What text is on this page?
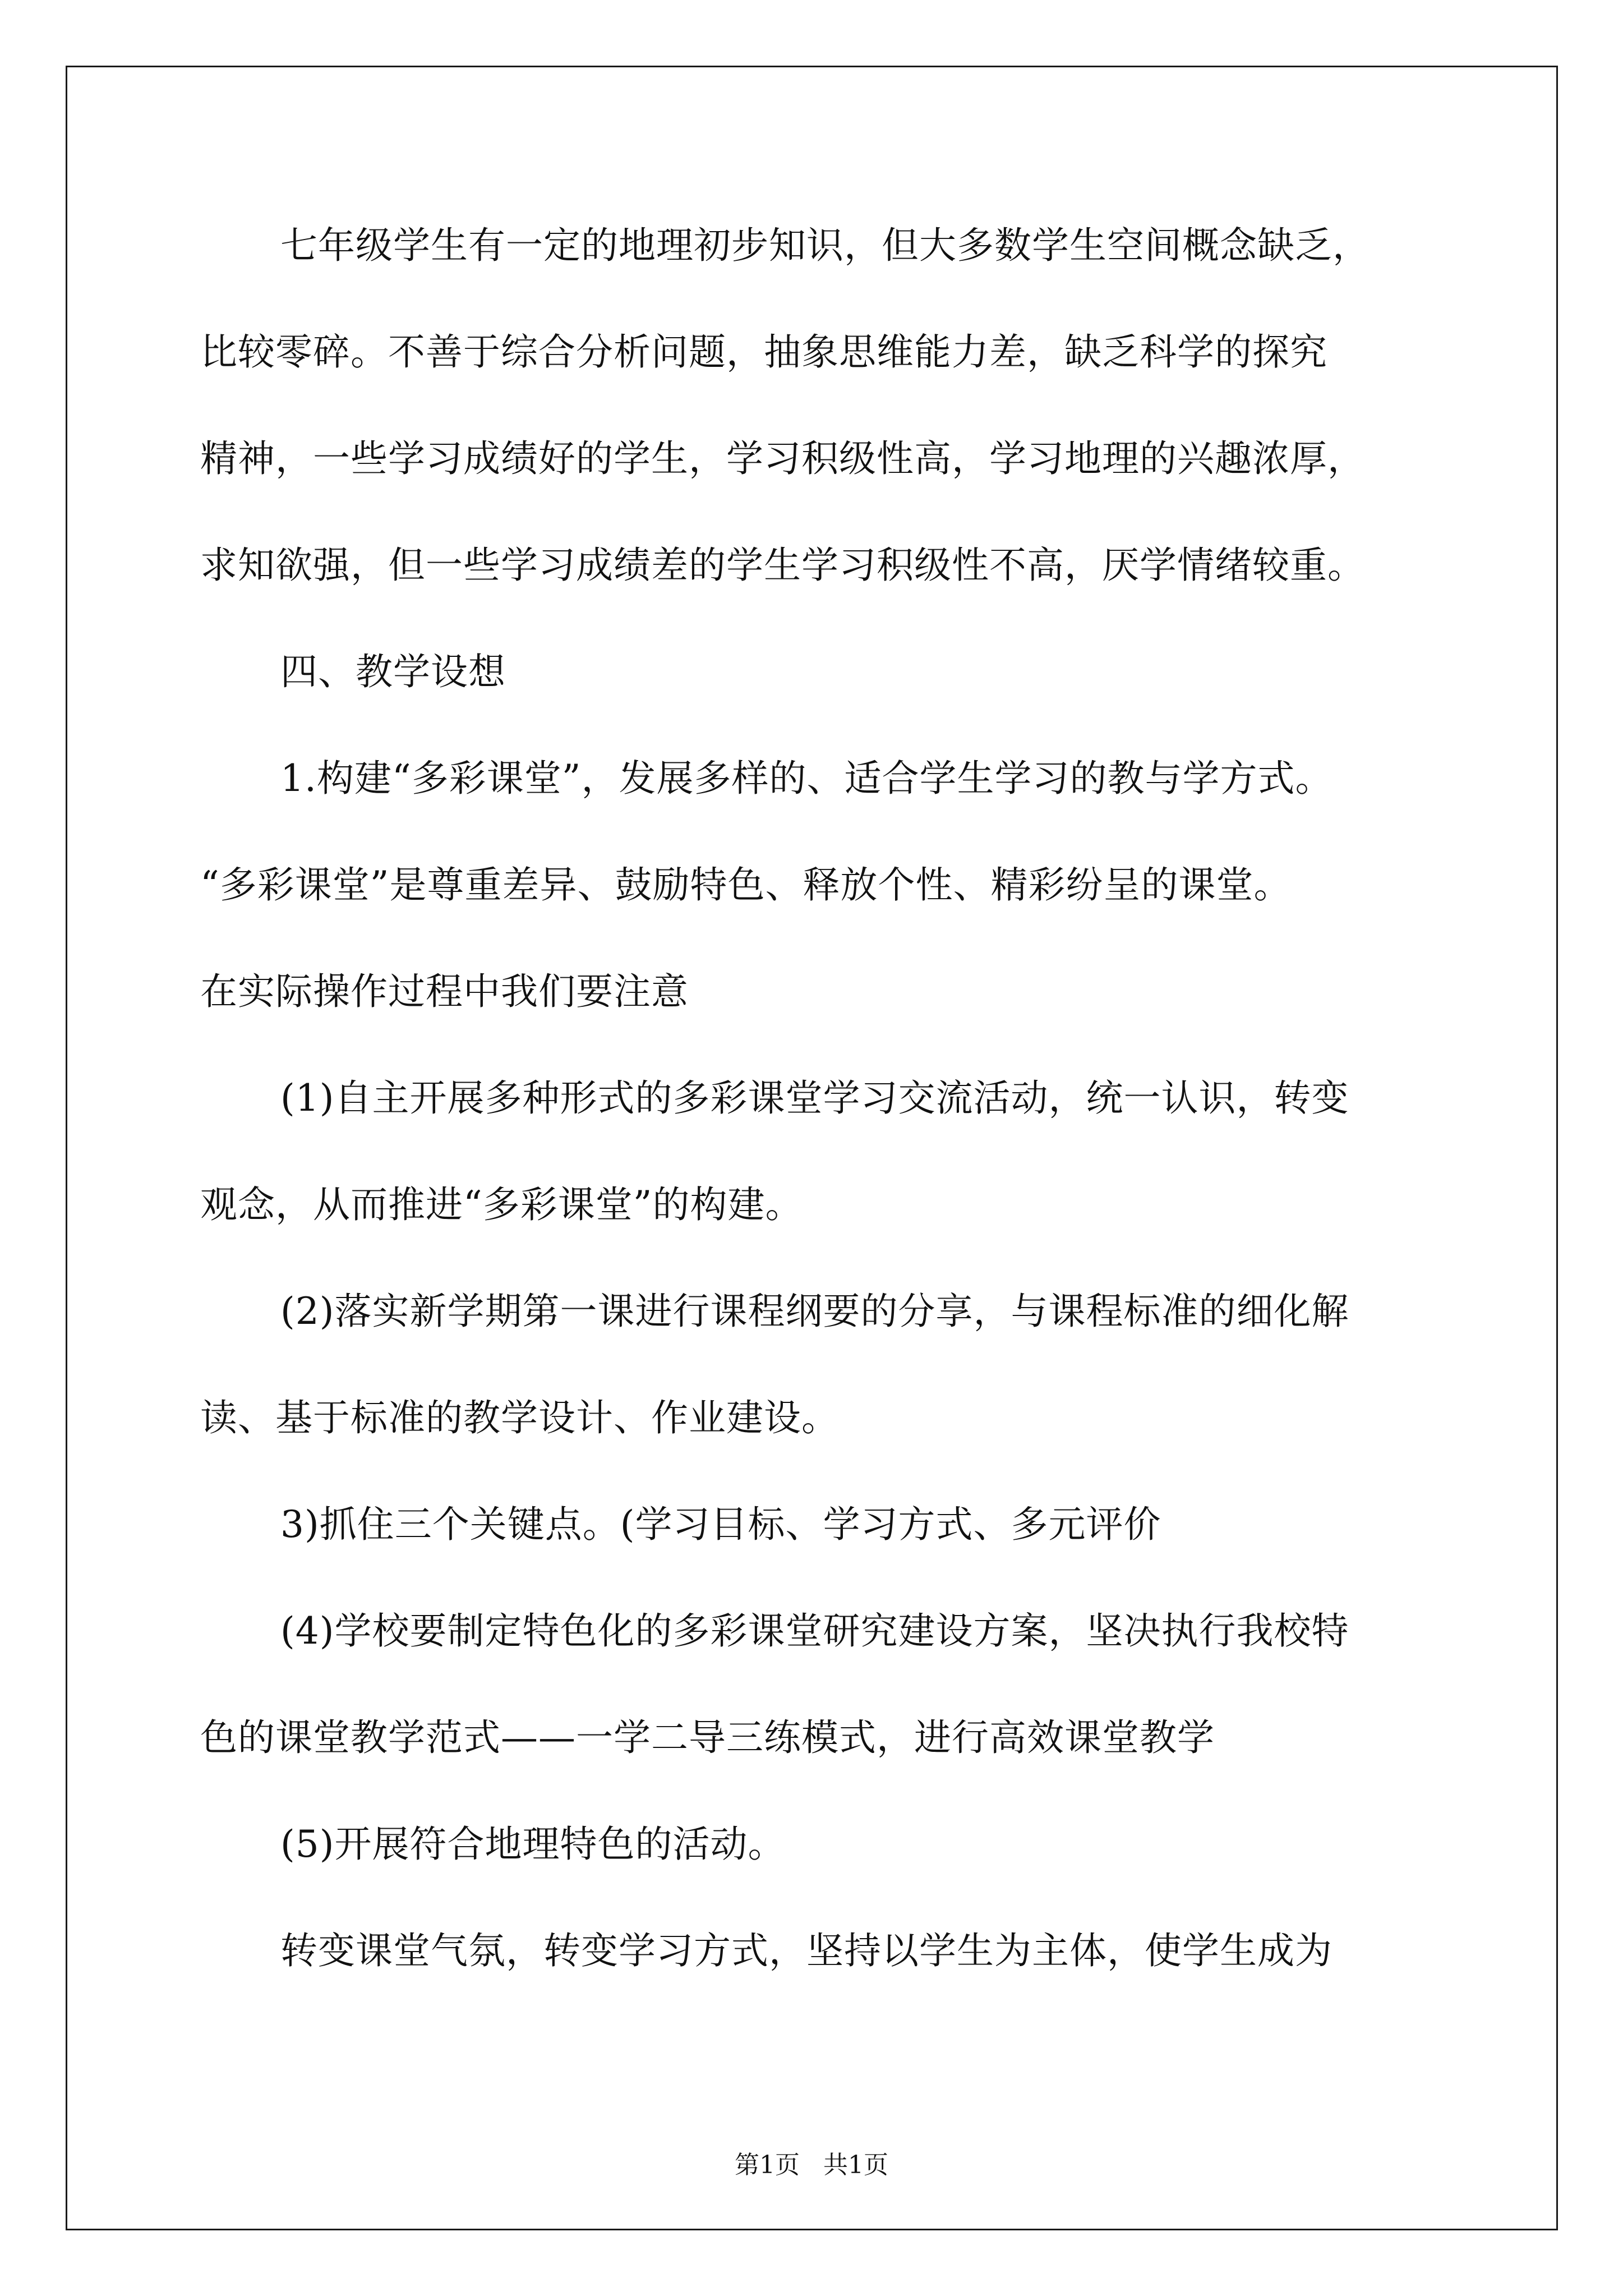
七年级学生有一定的地理初步知识，但大多数学生空间概念缺乏，

比较零碎。不善于综合分析问题，抽象思维能力差，缺乏科学的探究

精神，一些学习成绩好的学生，学习积级性高，学习地理的兴趣浓厚，

求知欲强，但一些学习成绩差的学生学习积级性不高，厌学情绪较重。

四、教学设想

1.构建“多彩课堂”，发展多样的、适合学生学习的教与学方式。

“多彩课堂”是尊重差异、鼓励特色、释放个性、精彩纷呈的课堂。

在实际操作过程中我们要注意

(1)自主开展多种形式的多彩课堂学习交流活动，统一认识，转变

观念，从而推进“多彩课堂”的构建。

(2)落实新学期第一课进行课程纲要的分享，与课程标准的细化解

读、基于标准的教学设计、作业建设。

3)抓住三个关键点。(学习目标、学习方式、多元评价

(4)学校要制定特色化的多彩课堂研究建设方案，坚决执行我校特

色的课堂教学范式——一学二导三练模式，进行高效课堂教学

(5)开展符合地理特色的活动。

转变课堂气氛，转变学习方式，坚持以学生为主体，使学生成为

第1页   共1页
